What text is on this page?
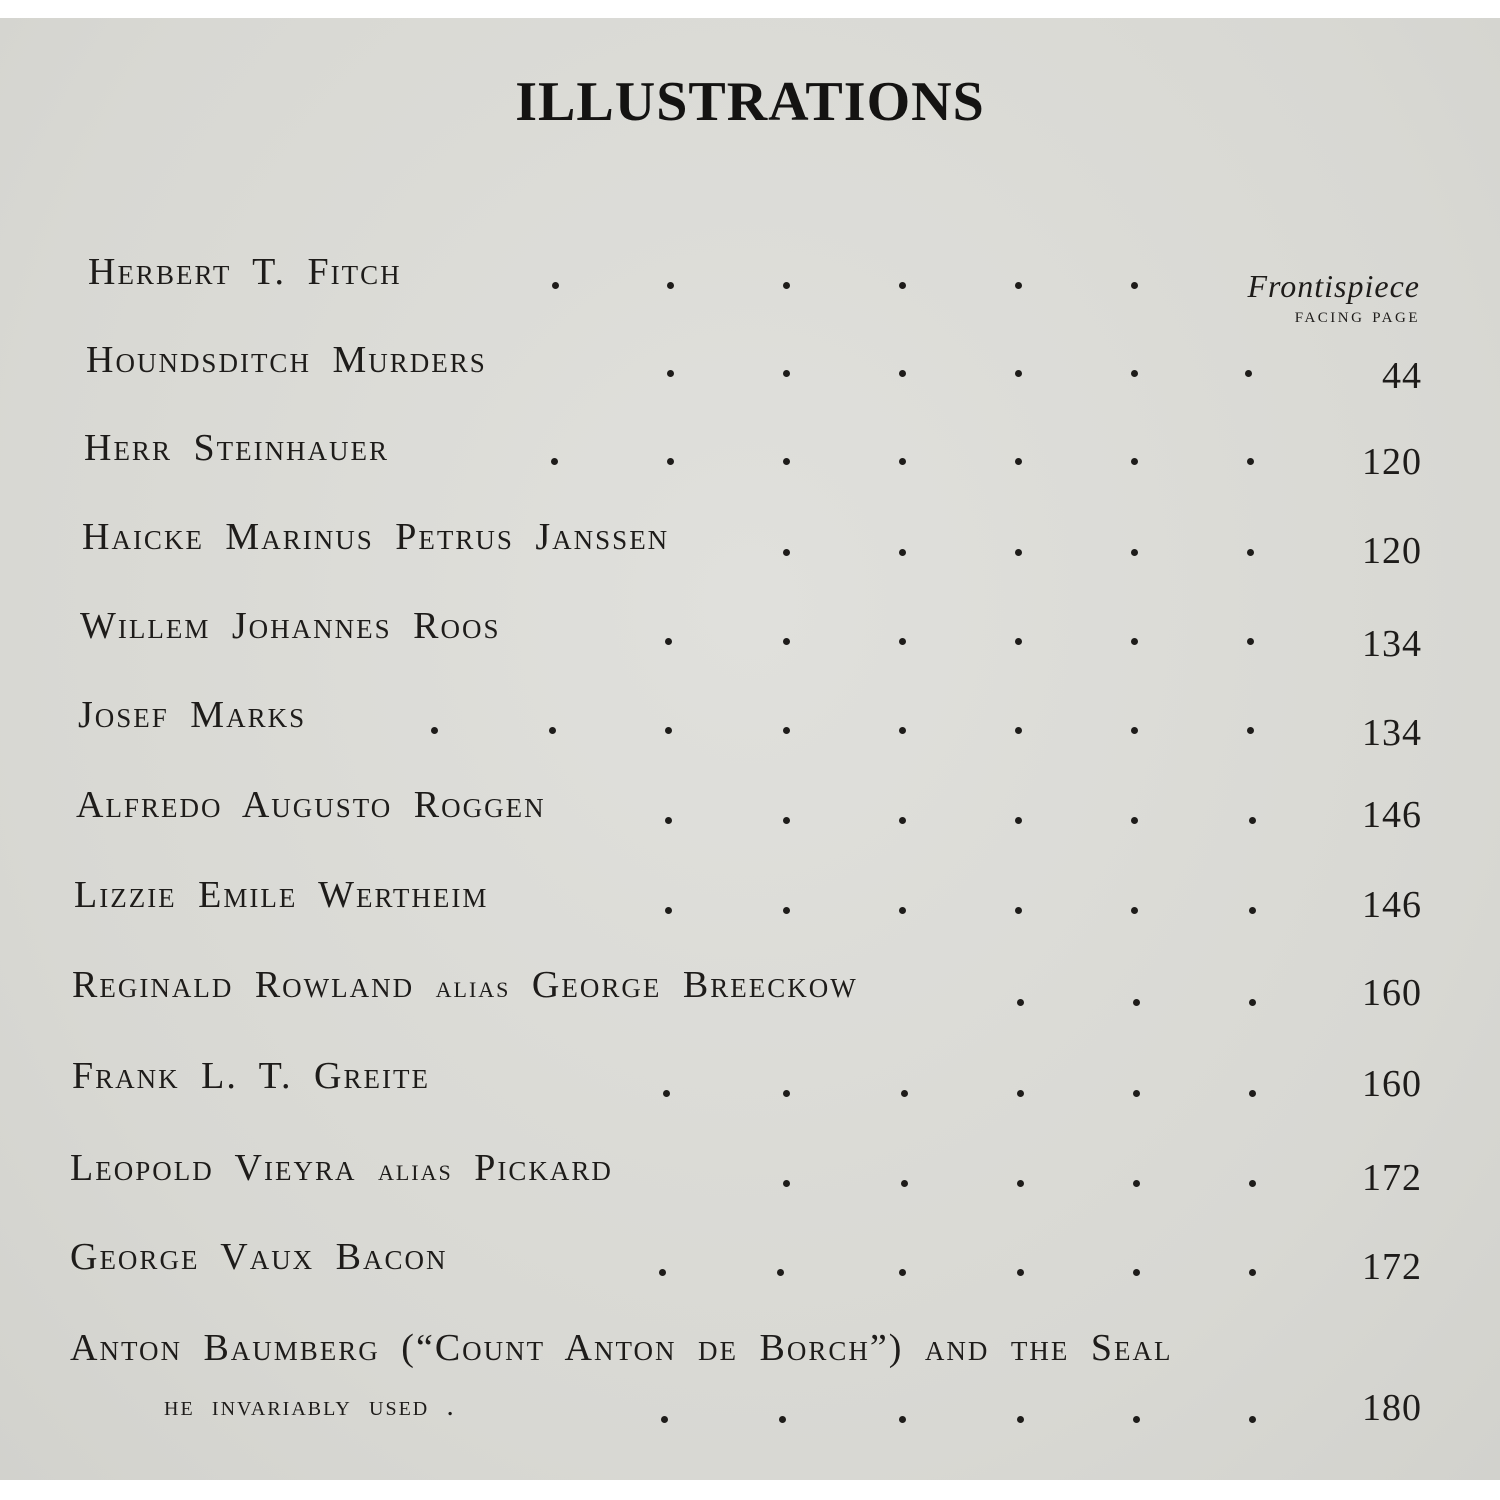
ILLUSTRATIONS
facing page
Herbert T. Fitch	Frontispiece
Houndsditch Murders	44
Herr Steinhauer	120
Haicke Marinus Petrus Janssen	120
Willem Johannes Roos	134
Josef Marks	134
Alfredo Augusto Roggen	146
Lizzie Emile Wertheim	146
Reginald Rowland alias George Breeckow	160
Frank L. T. Greite	160
Leopold Vieyra alias Pickard	172
George Vaux Bacon	172
Anton Baumberg (“Count Anton de Borch”) and the Seal
he invariably used .	180
